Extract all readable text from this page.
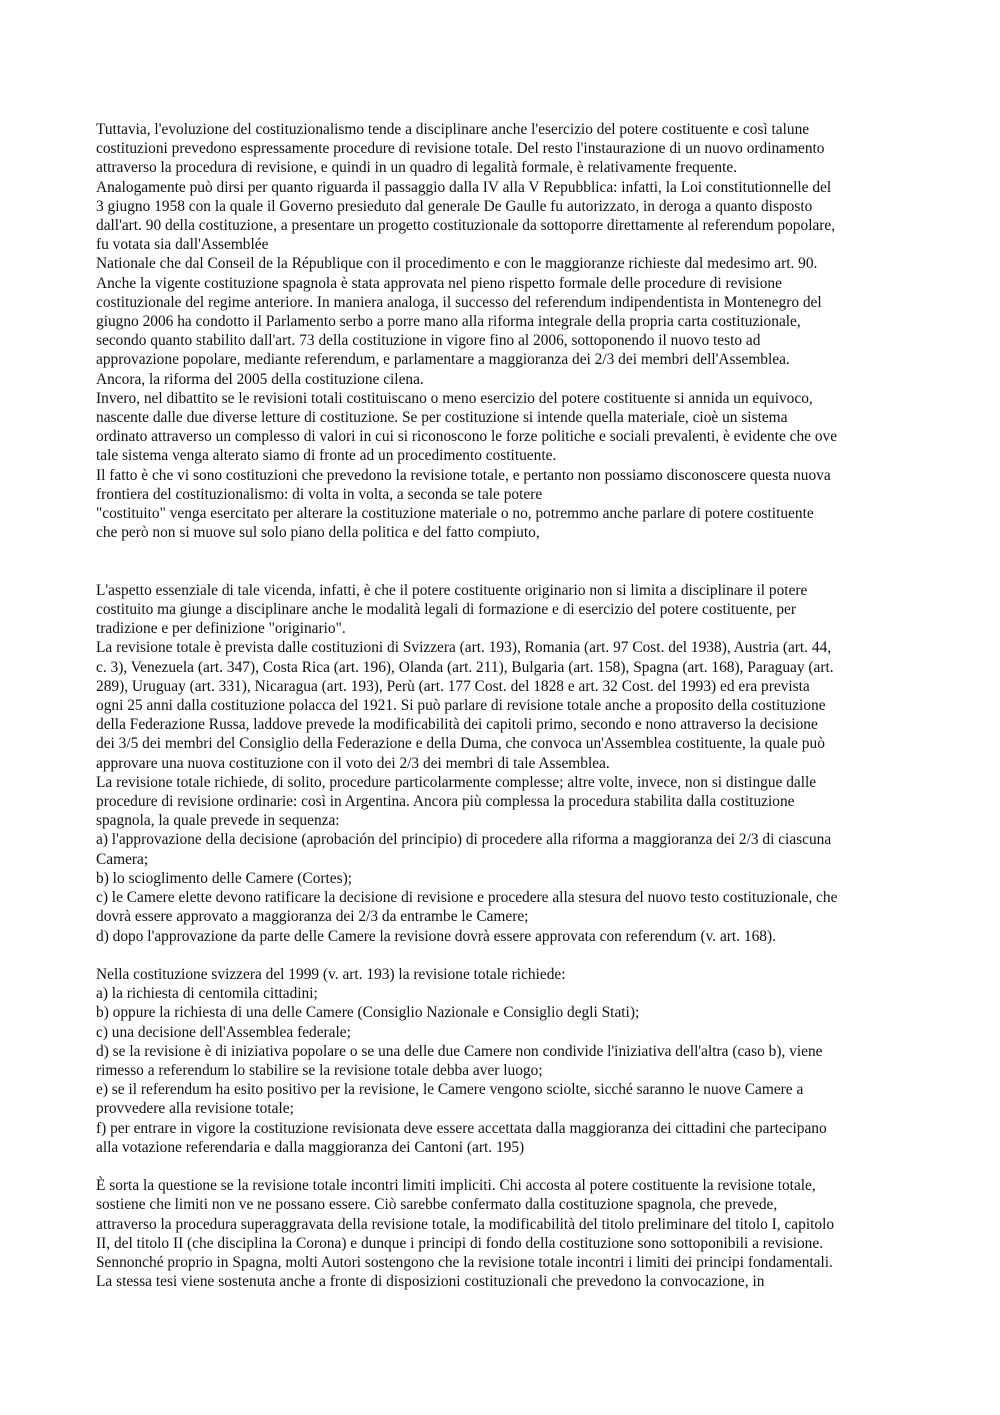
Tuttavia, l'evoluzione del costituzionalismo tende a disciplinare anche l'esercizio del potere costituente e così talune
costituzioni prevedono espressamente procedure di revisione totale. Del resto l'instaurazione di un nuovo ordinamento
attraverso la procedura di revisione, e quindi in un quadro di legalità formale, è relativamente frequente.
Analogamente può dirsi per quanto riguarda il passaggio dalla IV alla V Repubblica: infatti, la Loi constitutionnelle del
3 giugno 1958 con la quale il Governo presieduto dal generale De Gaulle fu autorizzato, in deroga a quanto disposto
dall'art. 90 della costituzione, a presentare un progetto costituzionale da sottoporre direttamente al referendum popolare,
fu votata sia dall'Assemblée
Nationale che dal Conseil de la République con il procedimento e con le maggioranze richieste dal medesimo art. 90.
Anche la vigente costituzione spagnola è stata approvata nel pieno rispetto formale delle procedure di revisione
costituzionale del regime anteriore. In maniera analoga, il successo del referendum indipendentista in Montenegro del
giugno 2006 ha condotto il Parlamento serbo a porre mano alla riforma integrale della propria carta costituzionale,
secondo quanto stabilito dall'art. 73 della costituzione in vigore fino al 2006, sottoponendo il nuovo testo ad
approvazione popolare, mediante referendum, e parlamentare a maggioranza dei 2/3 dei membri dell'Assemblea.
Ancora, la riforma del 2005 della costituzione cilena.
Invero, nel dibattito se le revisioni totali costituiscano o meno esercizio del potere costituente si annida un equivoco,
nascente dalle due diverse letture di costituzione. Se per costituzione si intende quella materiale, cioè un sistema
ordinato attraverso un complesso di valori in cui si riconoscono le forze politiche e sociali prevalenti, è evidente che ove
tale sistema venga alterato siamo di fronte ad un procedimento costituente.
Il fatto è che vi sono costituzioni che prevedono la revisione totale, e pertanto non possiamo disconoscere questa nuova
frontiera del costituzionalismo: di volta in volta, a seconda se tale potere
"costituito" venga esercitato per alterare la costituzione materiale o no, potremmo anche parlare di potere costituente
che però non si muove sul solo piano della politica e del fatto compiuto,
L'aspetto essenziale di tale vicenda, infatti, è che il potere costituente originario non si limita a disciplinare il potere
costituito ma giunge a disciplinare anche le modalità legali di formazione e di esercizio del potere costituente, per
tradizione e per definizione "originario".
La revisione totale è prevista dalle costituzioni di Svizzera (art. 193), Romania (art. 97 Cost. del 1938), Austria (art. 44,
c. 3), Venezuela (art. 347), Costa Rica (art. 196), Olanda (art. 211), Bulgaria (art. 158), Spagna (art. 168), Paraguay (art.
289), Uruguay (art. 331), Nicaragua (art. 193), Perù (art. 177 Cost. del 1828 e art. 32 Cost. del 1993) ed era prevista
ogni 25 anni dalla costituzione polacca del 1921. Si può parlare di revisione totale anche a proposito della costituzione
della Federazione Russa, laddove prevede la modificabilità dei capitoli primo, secondo e nono attraverso la decisione
dei 3/5 dei membri del Consiglio della Federazione e della Duma, che convoca un'Assemblea costituente, la quale può
approvare una nuova costituzione con il voto dei 2/3 dei membri di tale Assemblea.
La revisione totale richiede, di solito, procedure particolarmente complesse; altre volte, invece, non si distingue dalle
procedure di revisione ordinarie: così in Argentina. Ancora più complessa la procedura stabilita dalla costituzione
spagnola, la quale prevede in sequenza:
a) l'approvazione della decisione (aprobación del principio) di procedere alla riforma a maggioranza dei 2/3 di ciascuna
Camera;
b) lo scioglimento delle Camere (Cortes);
c) le Camere elette devono ratificare la decisione di revisione e procedere alla stesura del nuovo testo costituzionale, che
dovrà essere approvato a maggioranza dei 2/3 da entrambe le Camere;
d) dopo l'approvazione da parte delle Camere la revisione dovrà essere approvata con referendum (v. art. 168).
Nella costituzione svizzera del 1999 (v. art. 193) la revisione totale richiede:
a) la richiesta di centomila cittadini;
b) oppure la richiesta di una delle Camere (Consiglio Nazionale e Consiglio degli Stati);
c) una decisione dell'Assemblea federale;
d) se la revisione è di iniziativa popolare o se una delle due Camere non condivide l'iniziativa dell'altra (caso b), viene
rimesso a referendum lo stabilire se la revisione totale debba aver luogo;
e) se il referendum ha esito positivo per la revisione, le Camere vengono sciolte, sicché saranno le nuove Camere a
provvedere alla revisione totale;
f) per entrare in vigore la costituzione revisionata deve essere accettata dalla maggioranza dei cittadini che partecipano
alla votazione referendaria e dalla maggioranza dei Cantoni (art. 195)
È sorta la questione se la revisione totale incontri limiti impliciti. Chi accosta al potere costituente la revisione totale,
sostiene che limiti non ve ne possano essere. Ciò sarebbe confermato dalla costituzione spagnola, che prevede,
attraverso la procedura superaggravata della revisione totale, la modificabilità del titolo preliminare del titolo I, capitolo
II, del titolo II (che disciplina la Corona) e dunque i principi di fondo della costituzione sono sottoponibili a revisione.
Sennonché proprio in Spagna, molti Autori sostengono che la revisione totale incontri i limiti dei principi fondamentali.
La stessa tesi viene sostenuta anche a fronte di disposizioni costituzionali che prevedono la convocazione, in
